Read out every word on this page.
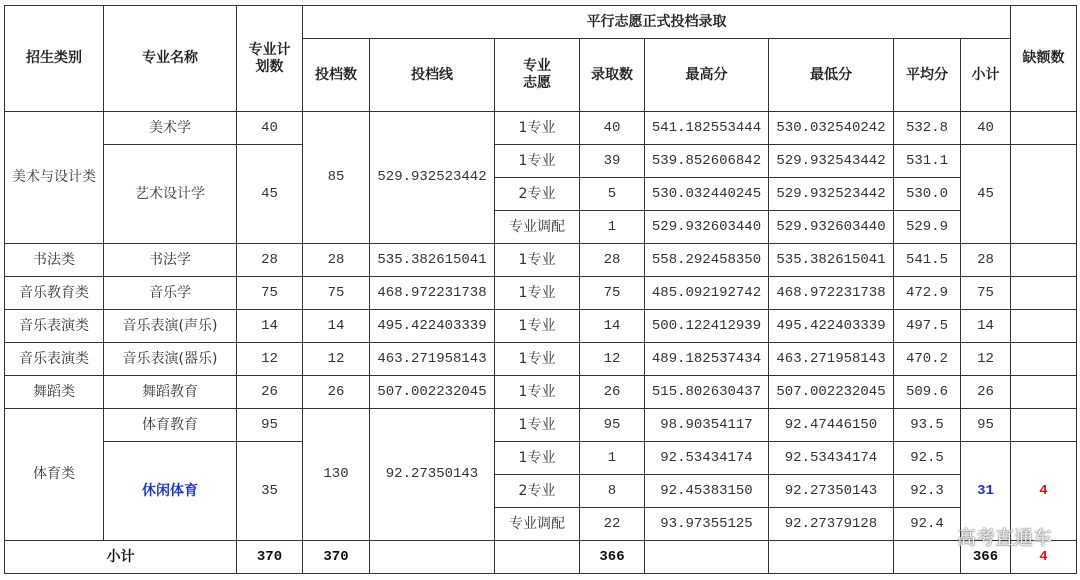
招生类别	专业名称	专业计划数	平行志愿正式投档录取								缺额数
			投档数	投档线	专业志愿	录取数	最高分	最低分	平均分	小计	
美术与设计类	美术学	40	85	529.932523442	1专业	40	541.182553444	530.032540242	532.8	40	
	艺术设计学	45			1专业	39	539.852606842	529.932543442	531.1	45	
					2专业	5	530.032440245	529.932523442	530.0		
					专业调配	1	529.932603440	529.932603440	529.9		
书法类	书法学	28	28	535.382615041	1专业	28	558.292458350	535.382615041	541.5	28	
音乐教育类	音乐学	75	75	468.972231738	1专业	75	485.092192742	468.972231738	472.9	75	
音乐表演类	音乐表演(声乐)	14	14	495.422403339	1专业	14	500.122412939	495.422403339	497.5	14	
音乐表演类	音乐表演(器乐)	12	12	463.271958143	1专业	12	489.182537434	463.271958143	470.2	12	
舞蹈类	舞蹈教育	26	26	507.002232045	1专业	26	515.802630437	507.002232045	509.6	26	
体育类	体育教育	95	130	92.27350143	1专业	95	98.90354117	92.47446150	93.5	95	
	休闲体育	35			1专业	1	92.53434174	92.53434174	92.5	31	4
					2专业	8	92.45383150	92.27350143	92.3		
					专业调配	22	93.97355125	92.27379128	92.4		
小计		370	370			366				366	4
高考直通车
